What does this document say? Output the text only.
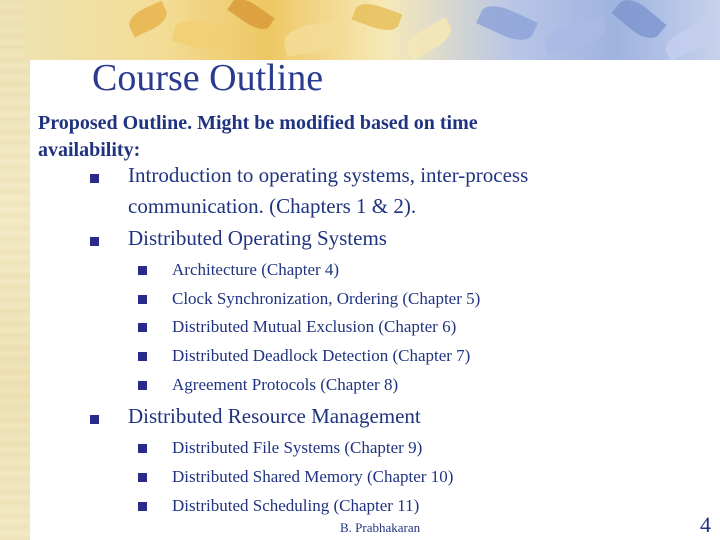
Course Outline
Proposed Outline. Might be modified based on time availability:
Introduction to operating systems, inter-process
communication. (Chapters 1 & 2).
Distributed Operating Systems
Architecture (Chapter 4)
Clock Synchronization, Ordering (Chapter 5)
Distributed Mutual Exclusion (Chapter 6)
Distributed Deadlock Detection (Chapter 7)
Agreement Protocols (Chapter 8)
Distributed Resource Management
Distributed File Systems (Chapter 9)
Distributed Shared Memory (Chapter 10)
Distributed Scheduling (Chapter 11)
B. Prabhakaran	4
